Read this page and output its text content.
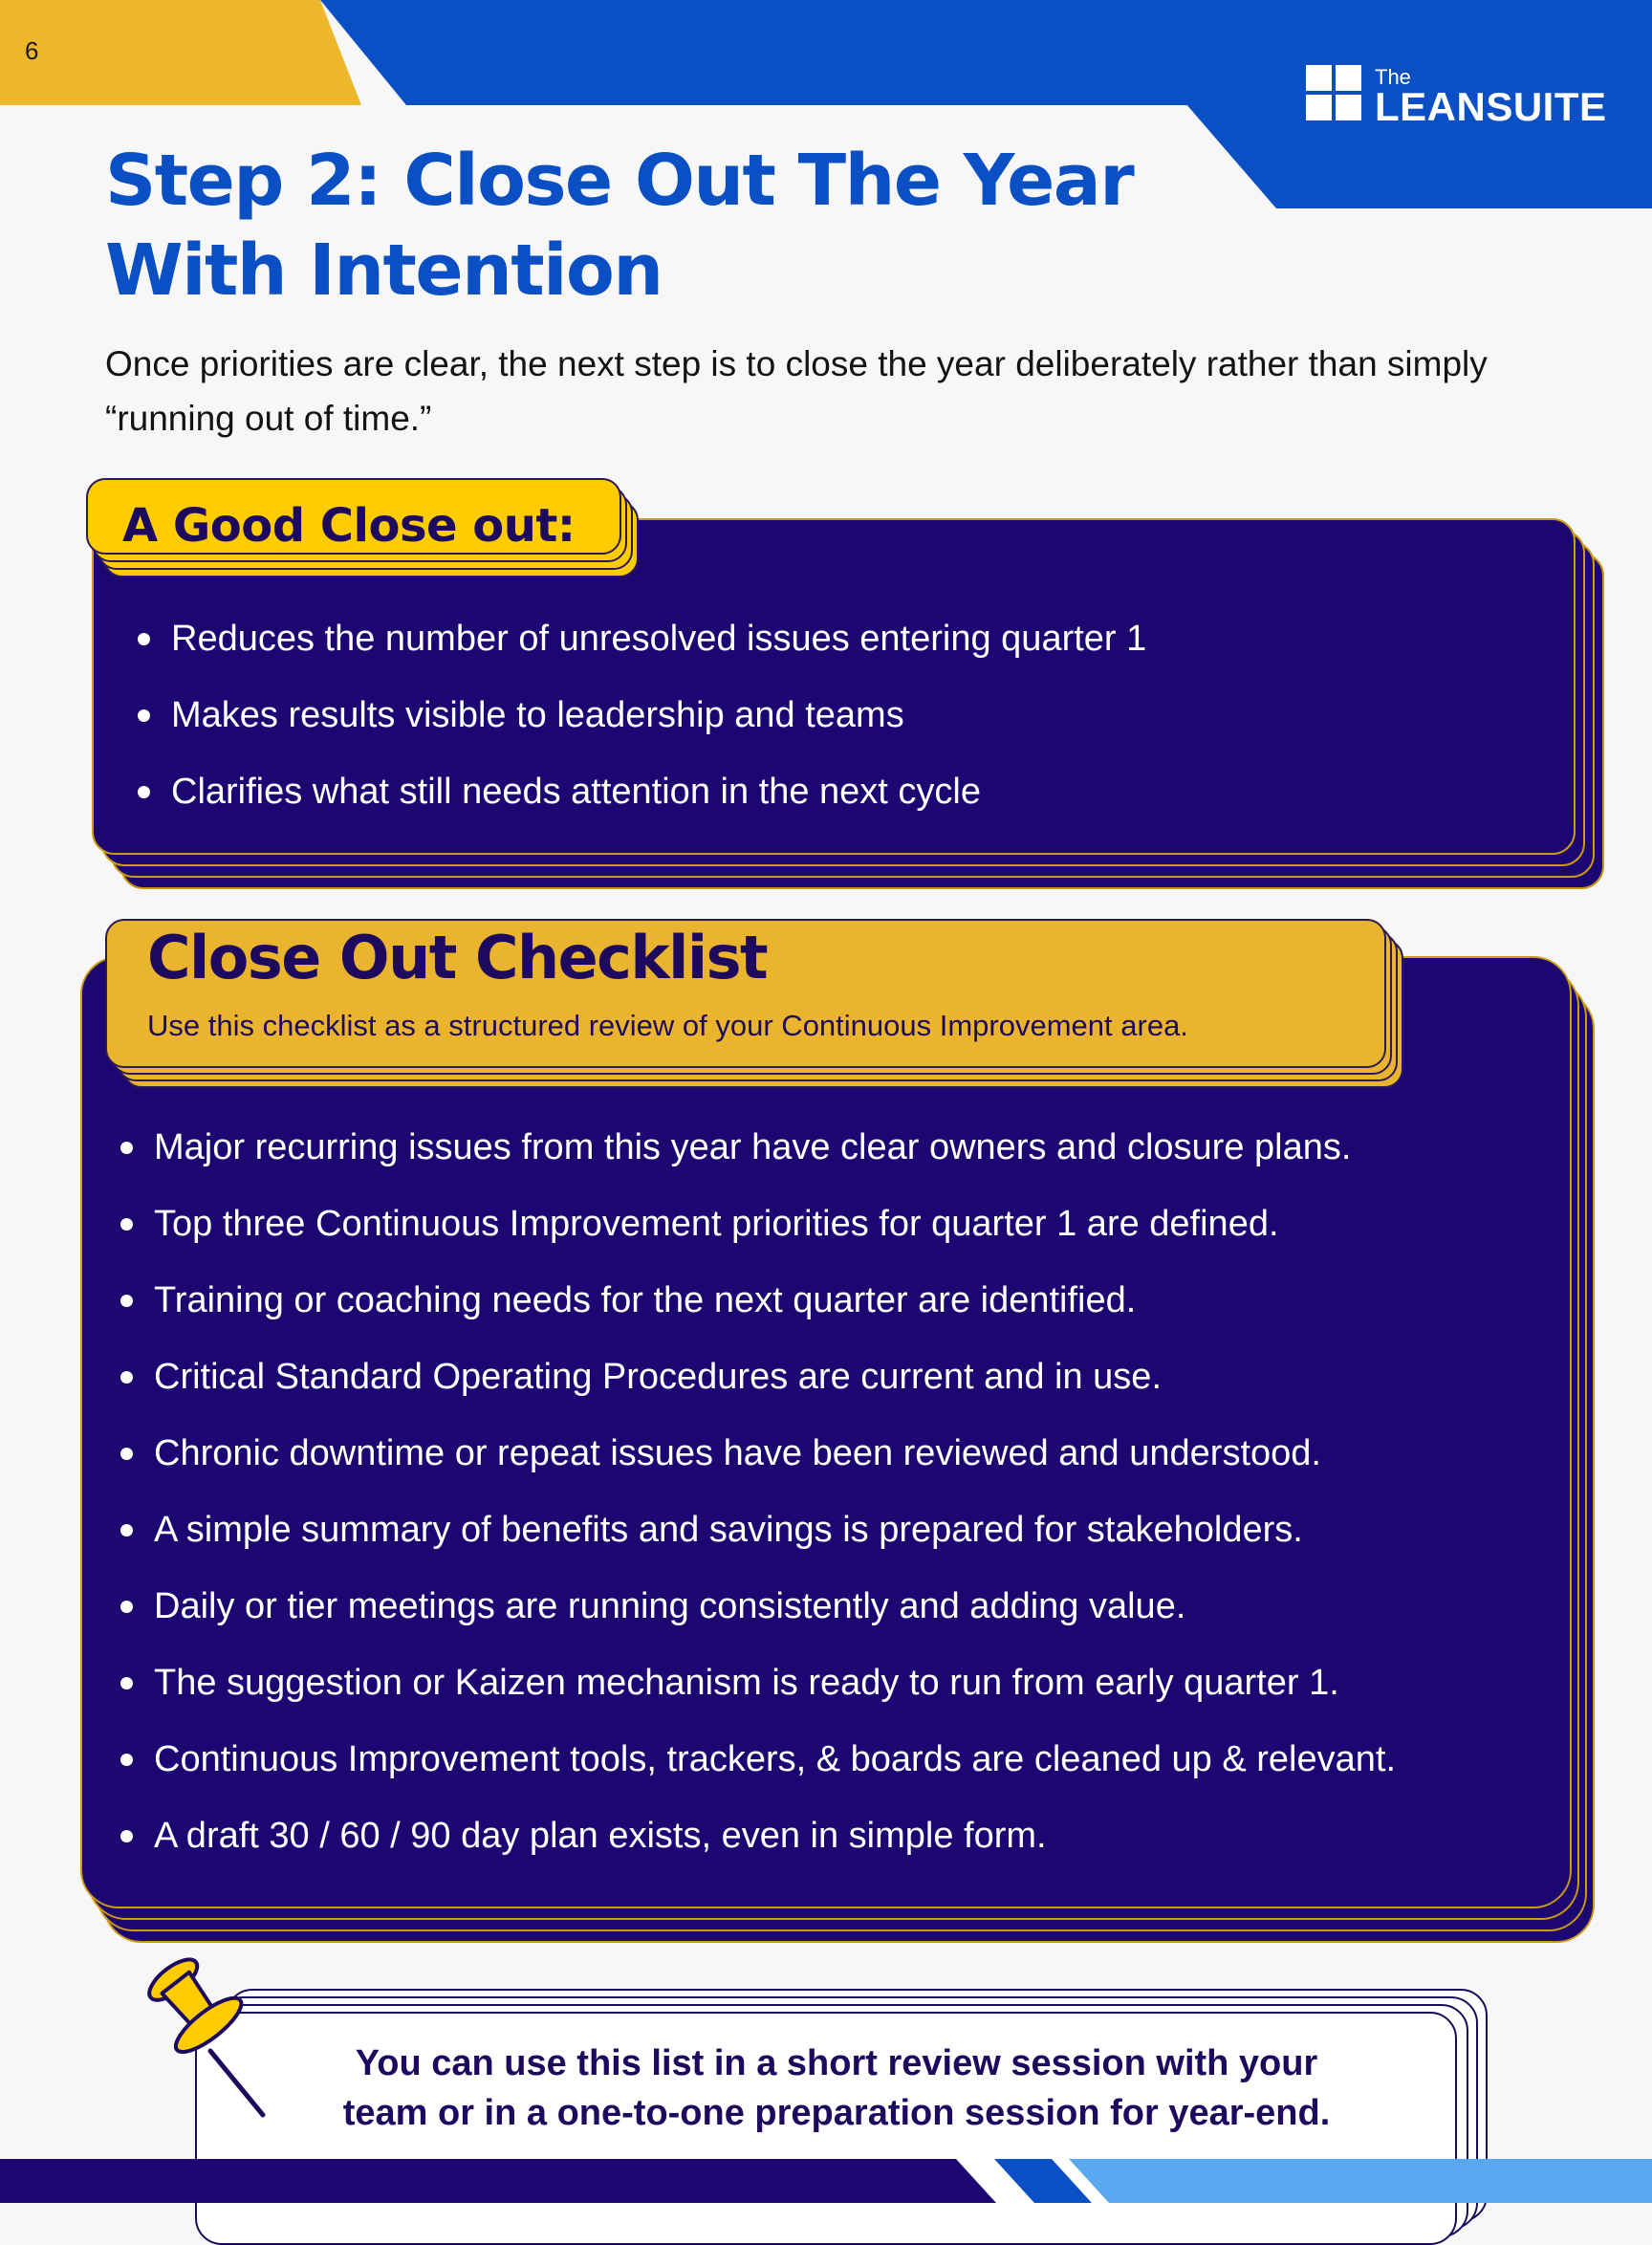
6
The
LEANSUITE
Step 2: Close Out The Year
With Intention
Once priorities are clear, the next step is to close the year deliberately rather than simply “running out of time.”
A Good Close out:
Reduces the number of unresolved issues entering quarter 1
Makes results visible to leadership and teams
Clarifies what still needs attention in the next cycle
Close Out Checklist
Use this checklist as a structured review of your Continuous Improvement area.
Major recurring issues from this year have clear owners and closure plans.
Top three Continuous Improvement priorities for quarter 1 are defined.
Training or coaching needs for the next quarter are identified.
Critical Standard Operating Procedures are current and in use.
Chronic downtime or repeat issues have been reviewed and understood.
A simple summary of benefits and savings is prepared for stakeholders.
Daily or tier meetings are running consistently and adding value.
The suggestion or Kaizen mechanism is ready to run from early quarter 1.
Continuous Improvement tools, trackers, & boards are cleaned up & relevant.
A draft 30 / 60 / 90 day plan exists, even in simple form.
You can use this list in a short review session with your
team or in a one-to-one preparation session for year-end.
